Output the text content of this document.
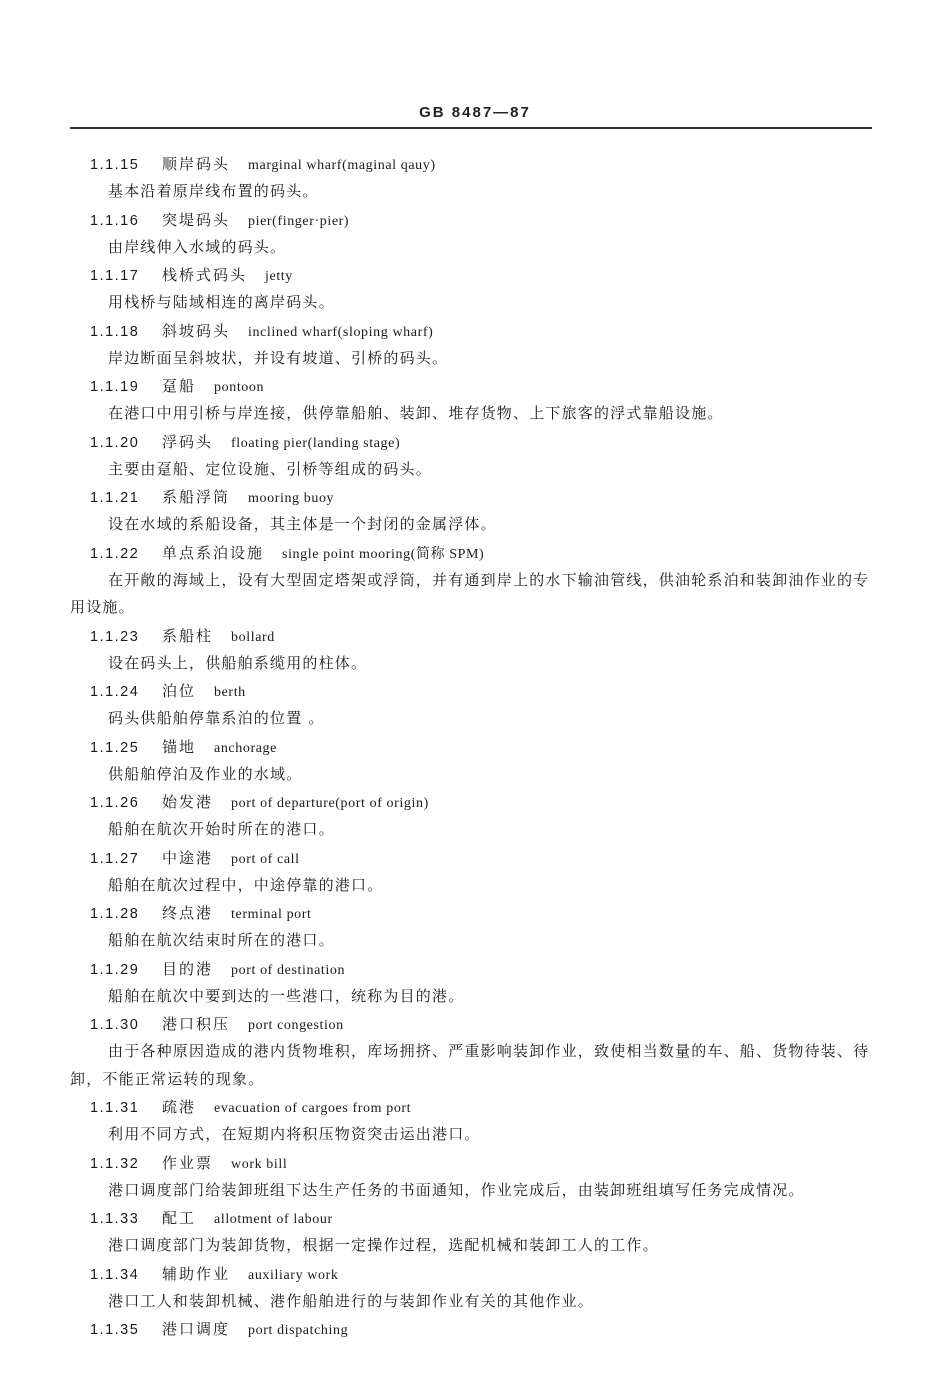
GB 8487—87
1.1.15 顺岸码头 marginal wharf(maginal qauy)

基本沿着原岸线布置的码头。

1.1.16 突堤码头 pier(finger·pier)

由岸线伸入水域的码头。

1.1.17 栈桥式码头 jetty

用栈桥与陆域相连的离岸码头。

1.1.18 斜坡码头 inclined wharf(sloping wharf)

岸边断面呈斜坡状，并设有坡道、引桥的码头。

1.1.19 趸船 pontoon

在港口中用引桥与岸连接，供停靠船舶、装卸、堆存货物、上下旅客的浮式靠船设施。

1.1.20 浮码头 floating pier(landing stage)

主要由趸船、定位设施、引桥等组成的码头。

1.1.21 系船浮筒 mooring buoy

设在水域的系船设备，其主体是一个封闭的金属浮体。

1.1.22 单点系泊设施 single point mooring(简称 SPM)

在开敞的海域上，设有大型固定塔架或浮筒，并有通到岸上的水下输油管线，供油轮系泊和装卸油作业的专用设施。

1.1.23 系船柱 bollard

设在码头上，供船舶系缆用的柱体。

1.1.24 泊位 berth

码头供船舶停靠系泊的位置 。

1.1.25 锚地 anchorage

供船舶停泊及作业的水域。

1.1.26 始发港 port of departure(port of origin)

船舶在航次开始时所在的港口。

1.1.27 中途港 port of call

船舶在航次过程中，中途停靠的港口。

1.1.28 终点港 terminal port

船舶在航次结束时所在的港口。

1.1.29 目的港 port of destination

船舶在航次中要到达的一些港口，统称为目的港。

1.1.30 港口积压 port congestion

由于各种原因造成的港内货物堆积，库场拥挤、严重影响装卸作业，致使相当数量的车、船、货物待装、待卸，不能正常运转的现象。

1.1.31 疏港 evacuation of cargoes from port

利用不同方式，在短期内将积压物资突击运出港口。

1.1.32 作业票 work bill

港口调度部门给装卸班组下达生产任务的书面通知，作业完成后，由装卸班组填写任务完成情况。

1.1.33 配工 allotment of labour

港口调度部门为装卸货物，根据一定操作过程，选配机械和装卸工人的工作。

1.1.34 辅助作业 auxiliary work

港口工人和装卸机械、港作船舶进行的与装卸作业有关的其他作业。

1.1.35 港口调度 port dispatching
